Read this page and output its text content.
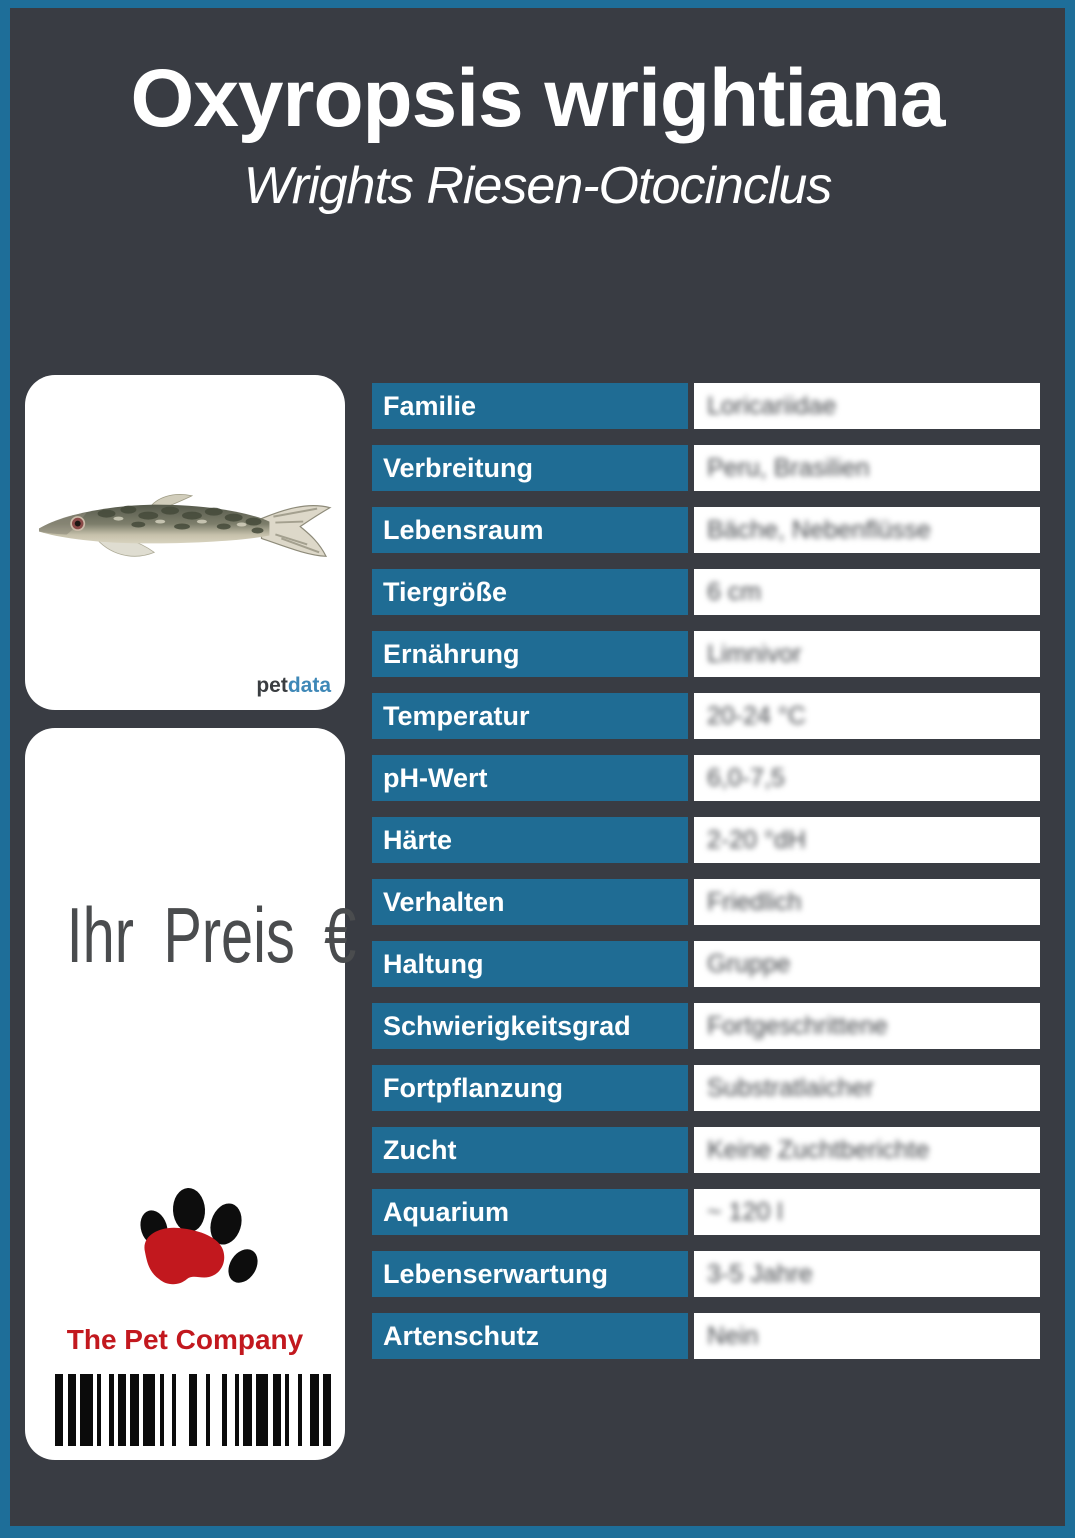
Oxyropsis wrightiana
Wrights Riesen-Otocinclus
petdata
Ihr Preis €
The Pet Company
Familie	Loricariidae
Verbreitung	Peru, Brasilien
Lebensraum	Bäche, Nebenflüsse
Tiergröße	6 cm
Ernährung	Limnivor
Temperatur	20-24 °C
pH-Wert	6,0-7,5
Härte	2-20 °dH
Verhalten	Friedlich
Haltung	Gruppe
Schwierigkeitsgrad	Fortgeschrittene
Fortpflanzung	Substratlaicher
Zucht	Keine Zuchtberichte
Aquarium	~ 120 l
Lebenserwartung	3-5 Jahre
Artenschutz	Nein
